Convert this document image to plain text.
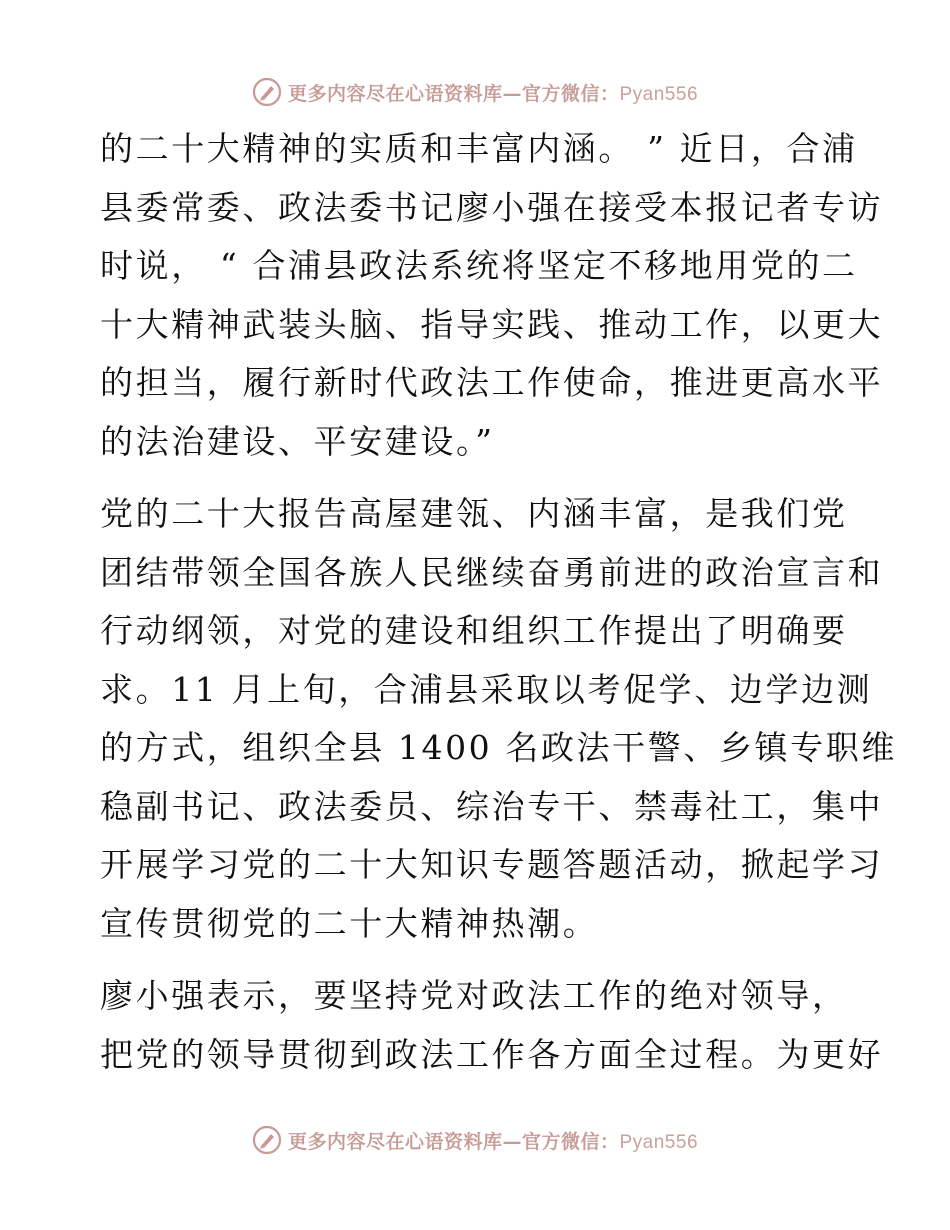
更多内容尽在心语资料库—官方微信：Pyan556
的二十大精神的实质和丰富内涵。 ” 近日，合浦
县委常委、政法委书记廖小强在接受本报记者专访
时说， “ 合浦县政法系统将坚定不移地用党的二
十大精神武装头脑、指导实践、推动工作，以更大
的担当，履行新时代政法工作使命，推进更高水平
的法治建设、平安建设。”
党的二十大报告高屋建瓴、内涵丰富，是我们党
团结带领全国各族人民继续奋勇前进的政治宣言和
行动纲领，对党的建设和组织工作提出了明确要
求。11 月上旬，合浦县采取以考促学、边学边测
的方式，组织全县 1400 名政法干警、乡镇专职维
稳副书记、政法委员、综治专干、禁毒社工，集中
开展学习党的二十大知识专题答题活动，掀起学习
宣传贯彻党的二十大精神热潮。
廖小强表示，要坚持党对政法工作的绝对领导，
把党的领导贯彻到政法工作各方面全过程。为更好
更多内容尽在心语资料库—官方微信：Pyan556
